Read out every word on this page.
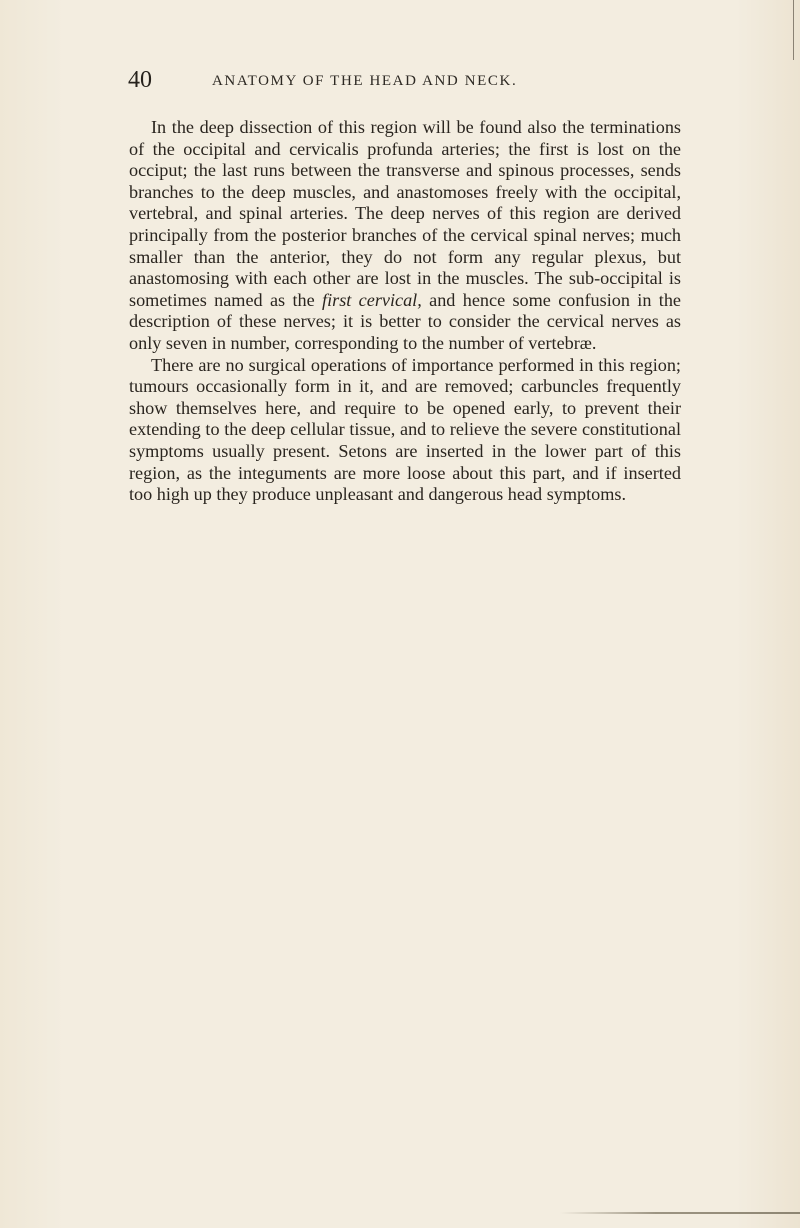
40	ANATOMY OF THE HEAD AND NECK.

In the deep dissection of this region will be found also the terminations of the occipital and cervicalis profunda arteries; the first is lost on the occiput; the last runs between the transverse and spinous processes, sends branches to the deep muscles, and anastomoses freely with the occipital, vertebral, and spinal arteries. The deep nerves of this region are derived principally from the posterior branches of the cervical spinal nerves; much smaller than the anterior, they do not form any regular plexus, but anastomosing with each other are lost in the muscles. The sub-occipital is sometimes named as the first cervical, and hence some confusion in the description of these nerves; it is better to consider the cervical nerves as only seven in number, corresponding to the number of vertebræ.

There are no surgical operations of importance performed in this region; tumours occasionally form in it, and are removed; carbuncles frequently show themselves here, and require to be opened early, to prevent their extending to the deep cellular tissue, and to relieve the severe constitutional symptoms usually present. Setons are inserted in the lower part of this region, as the integuments are more loose about this part, and if inserted too high up they produce unpleasant and dangerous head symptoms.
